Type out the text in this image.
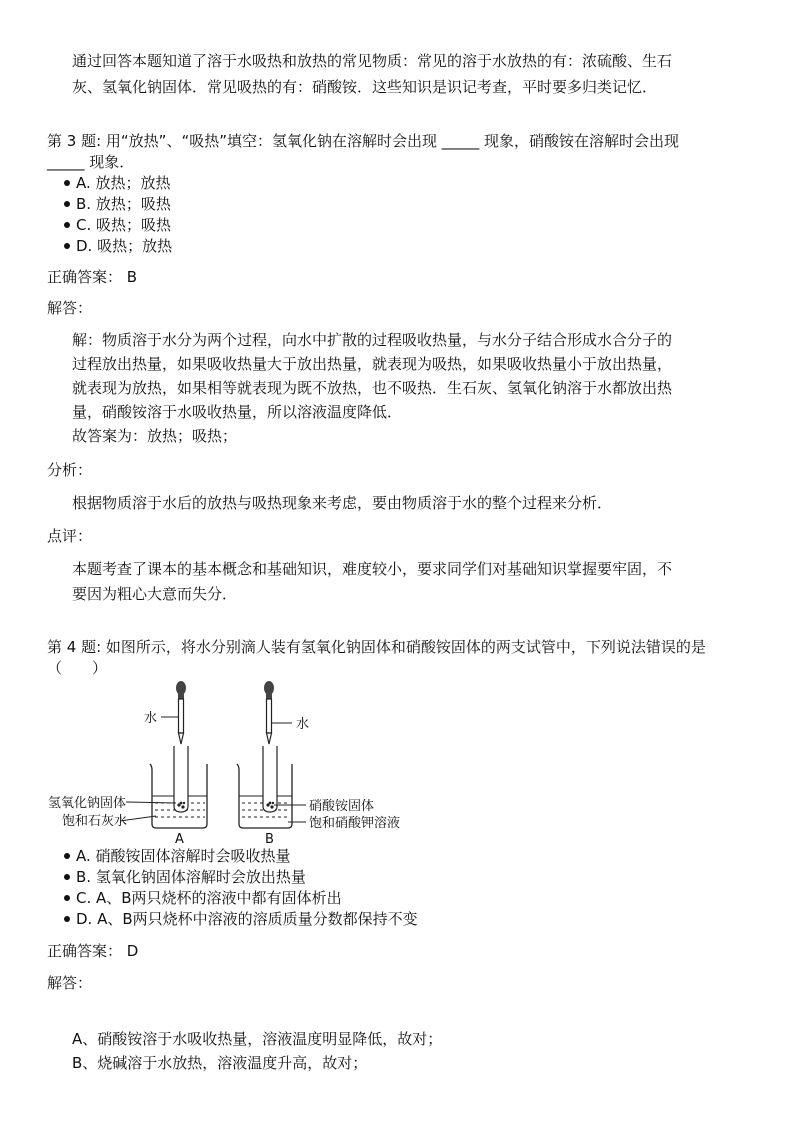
通过回答本题知道了溶于水吸热和放热的常见物质：常见的溶于水放热的有：浓硫酸、生石
灰、氢氧化钠固体．常见吸热的有：硝酸铵．这些知识是识记考查，平时要多归类记忆．
第 3 题: 用“放热”、“吸热”填空：氢氧化钠在溶解时会出现 _____ 现象，硝酸铵在溶解时会出现
_____ 现象．
A. 放热；放热
B. 放热；吸热
C. 吸热；吸热
D. 吸热；放热
正确答案： B
解答：
解：物质溶于水分为两个过程，向水中扩散的过程吸收热量，与水分子结合形成水合分子的
过程放出热量，如果吸收热量大于放出热量，就表现为吸热，如果吸收热量小于放出热量，
就表现为放热，如果相等就表现为既不放热，也不吸热．生石灰、氢氧化钠溶于水都放出热
量，硝酸铵溶于水吸收热量，所以溶液温度降低．
故答案为：放热；吸热；
分析：
根据物质溶于水后的放热与吸热现象来考虑，要由物质溶于水的整个过程来分析．
点评：
本题考查了课本的基本概念和基础知识，难度较小，要求同学们对基础知识掌握要牢固，不
要因为粗心大意而失分．
第 4 题: 如图所示，将水分别滴人装有氢氧化钠固体和硝酸铵固体的两支试管中，下列说法错误的是
（　　）
水
氢氧化钠固体
饱和石灰水
A
水
硝酸铵固体
饱和硝酸钾溶液
B
A. 硝酸铵固体溶解时会吸收热量
B. 氢氧化钠固体溶解时会放出热量
C. A、B两只烧杯的溶液中都有固体析出
D. A、B两只烧杯中溶液的溶质质量分数都保持不变
正确答案： D
解答：
A、硝酸铵溶于水吸收热量，溶液温度明显降低，故对；
B、烧碱溶于水放热，溶液温度升高，故对；
